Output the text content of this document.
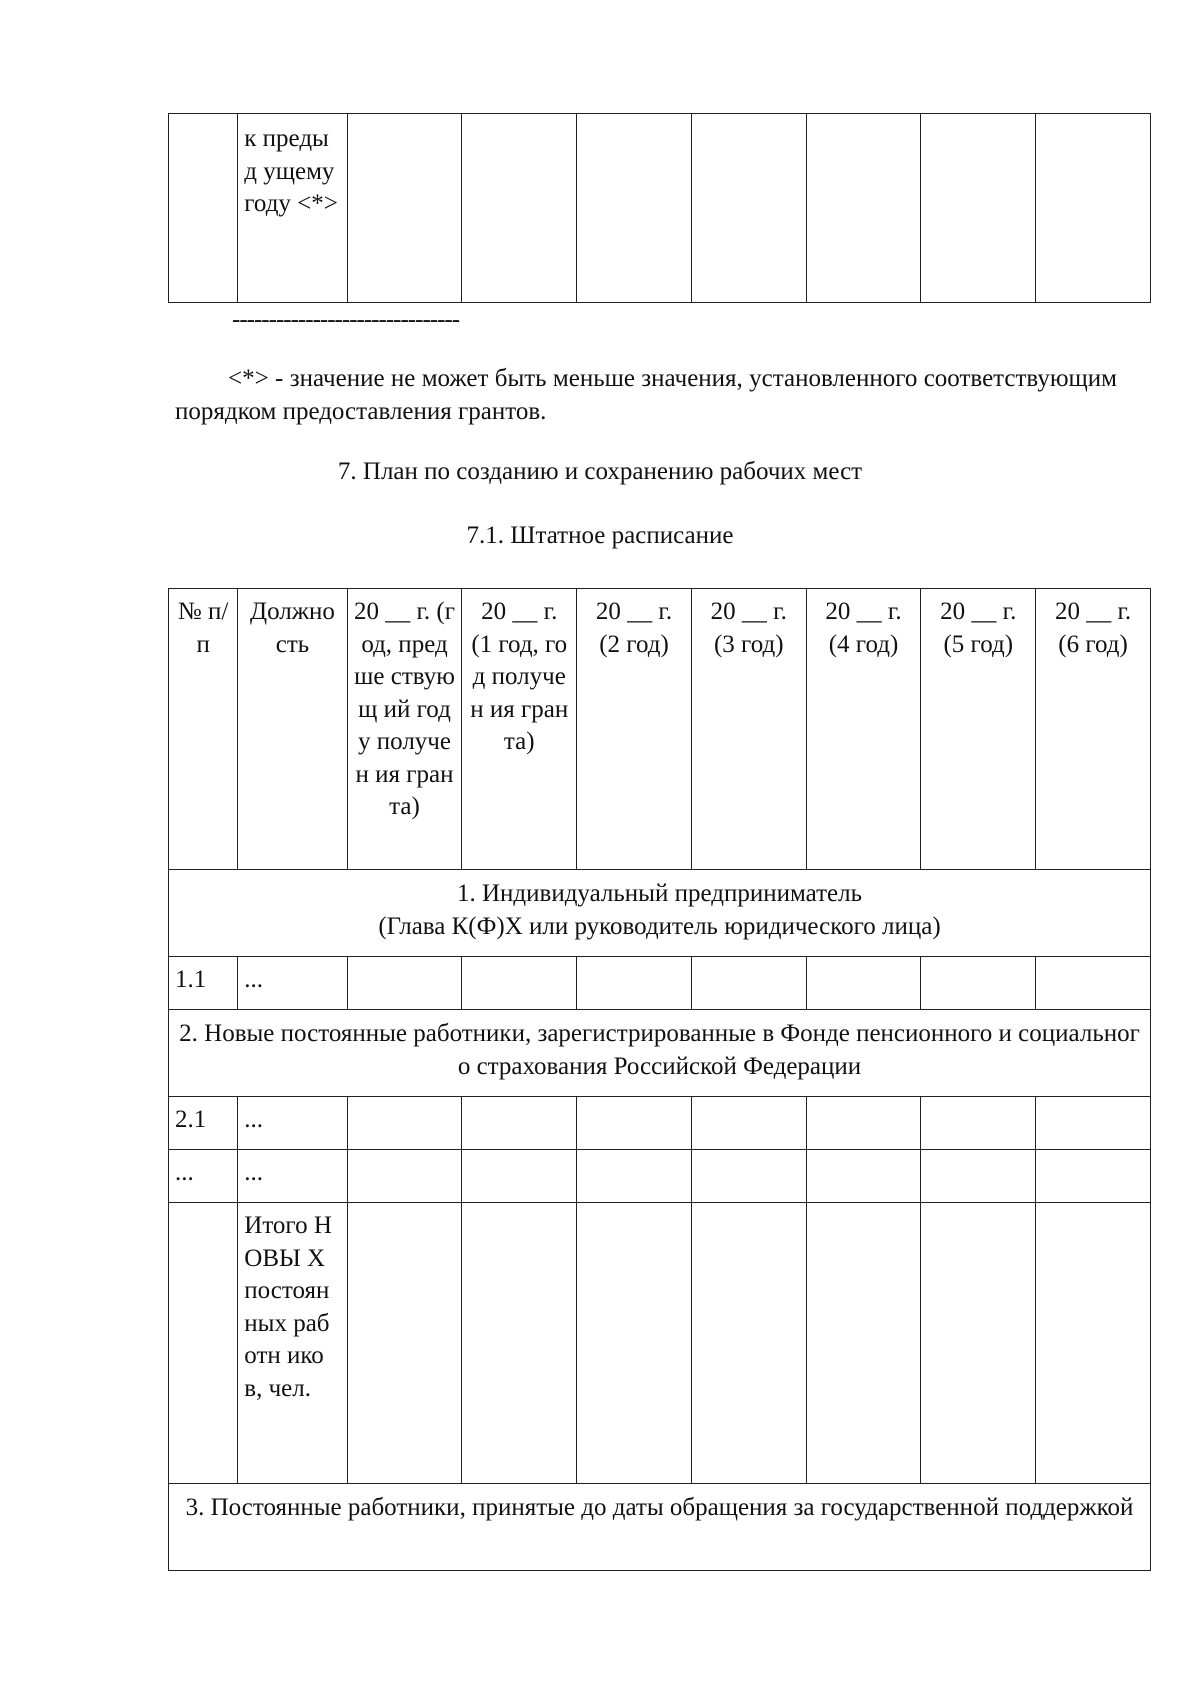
	к предыд ущему году <*>							
-------------------------------
<*> - значение не может быть меньше значения, установленного соответствующим порядком предоставления грантов.
7. План по созданию и сохранению рабочих мест
7.1. Штатное расписание
№ п/п	Должно сть	20 __ г. (год, предше ствующ ий году получен ия гранта)	20 __ г. (1 год, год получен ия гранта)	20 __ г. (2 год)	20 __ г. (3 год)	20 __ г. (4 год)	20 __ г. (5 год)	20 __ г. (6 год)

1. Индивидуальный предприниматель
(Глава К(Ф)Х или руководитель юридического лица)								

1.1	...							
2. Новые постоянные работники, зарегистрированные в Фонде пенсионного и социального страхования Российской Федерации								
2.1	...							
...	...							
	Итого НОВЫ Х постоян ных работн иков, чел.							
3. Постоянные работники, принятые до даты обращения за государственной поддержкой								
